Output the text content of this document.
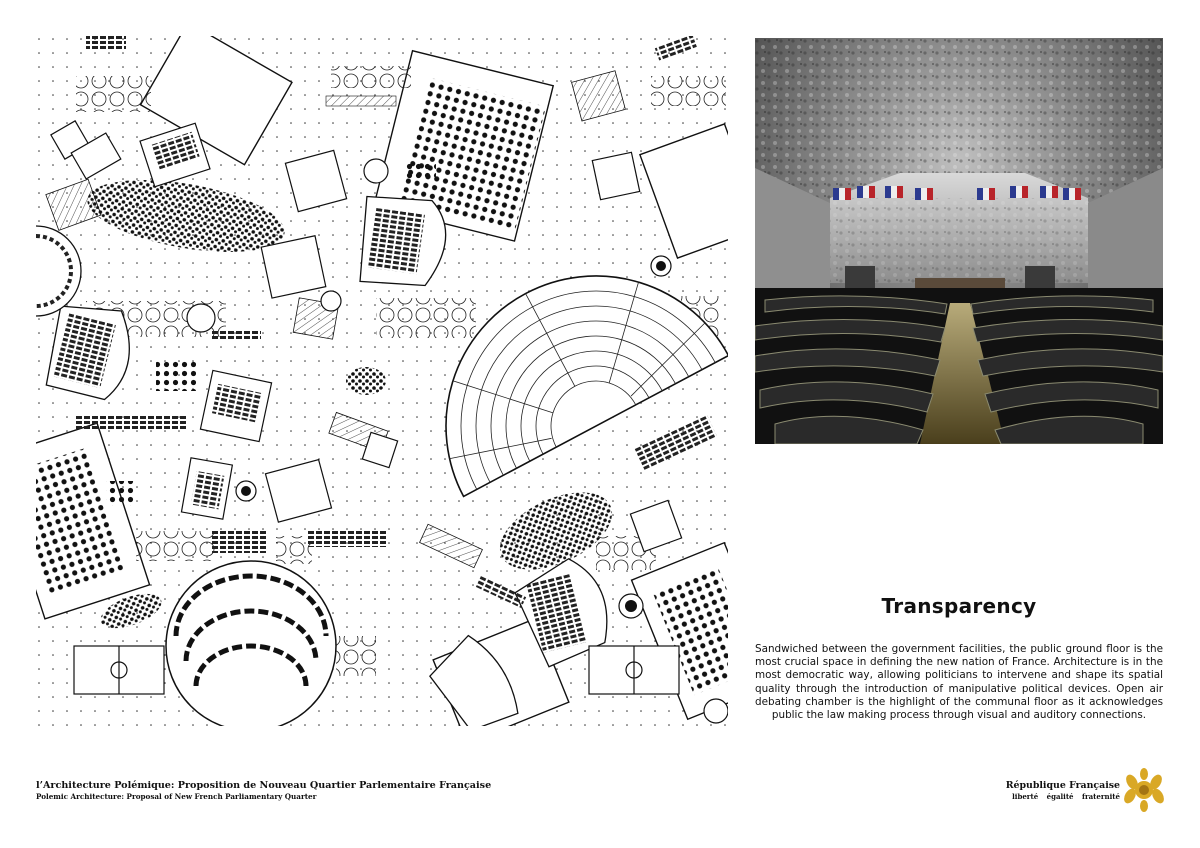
Transparency
Sandwiched between the government facilities, the public ground floor is the most crucial space in defining the new nation of France. Architecture is in the most democratic way, allowing politicians to intervene and shape its spatial quality through the introduction of manipulative political devices. Open air debating chamber is the highlight of the communal floor as it acknowledges public the law making process through visual and auditory connections.
l’Architecture Polémique: Proposition de Nouveau Quartier Parlementaire Française
Polemic Architecture: Proposal of New French Parliamentary Quarter
République Française
liberté égalité fraternité
